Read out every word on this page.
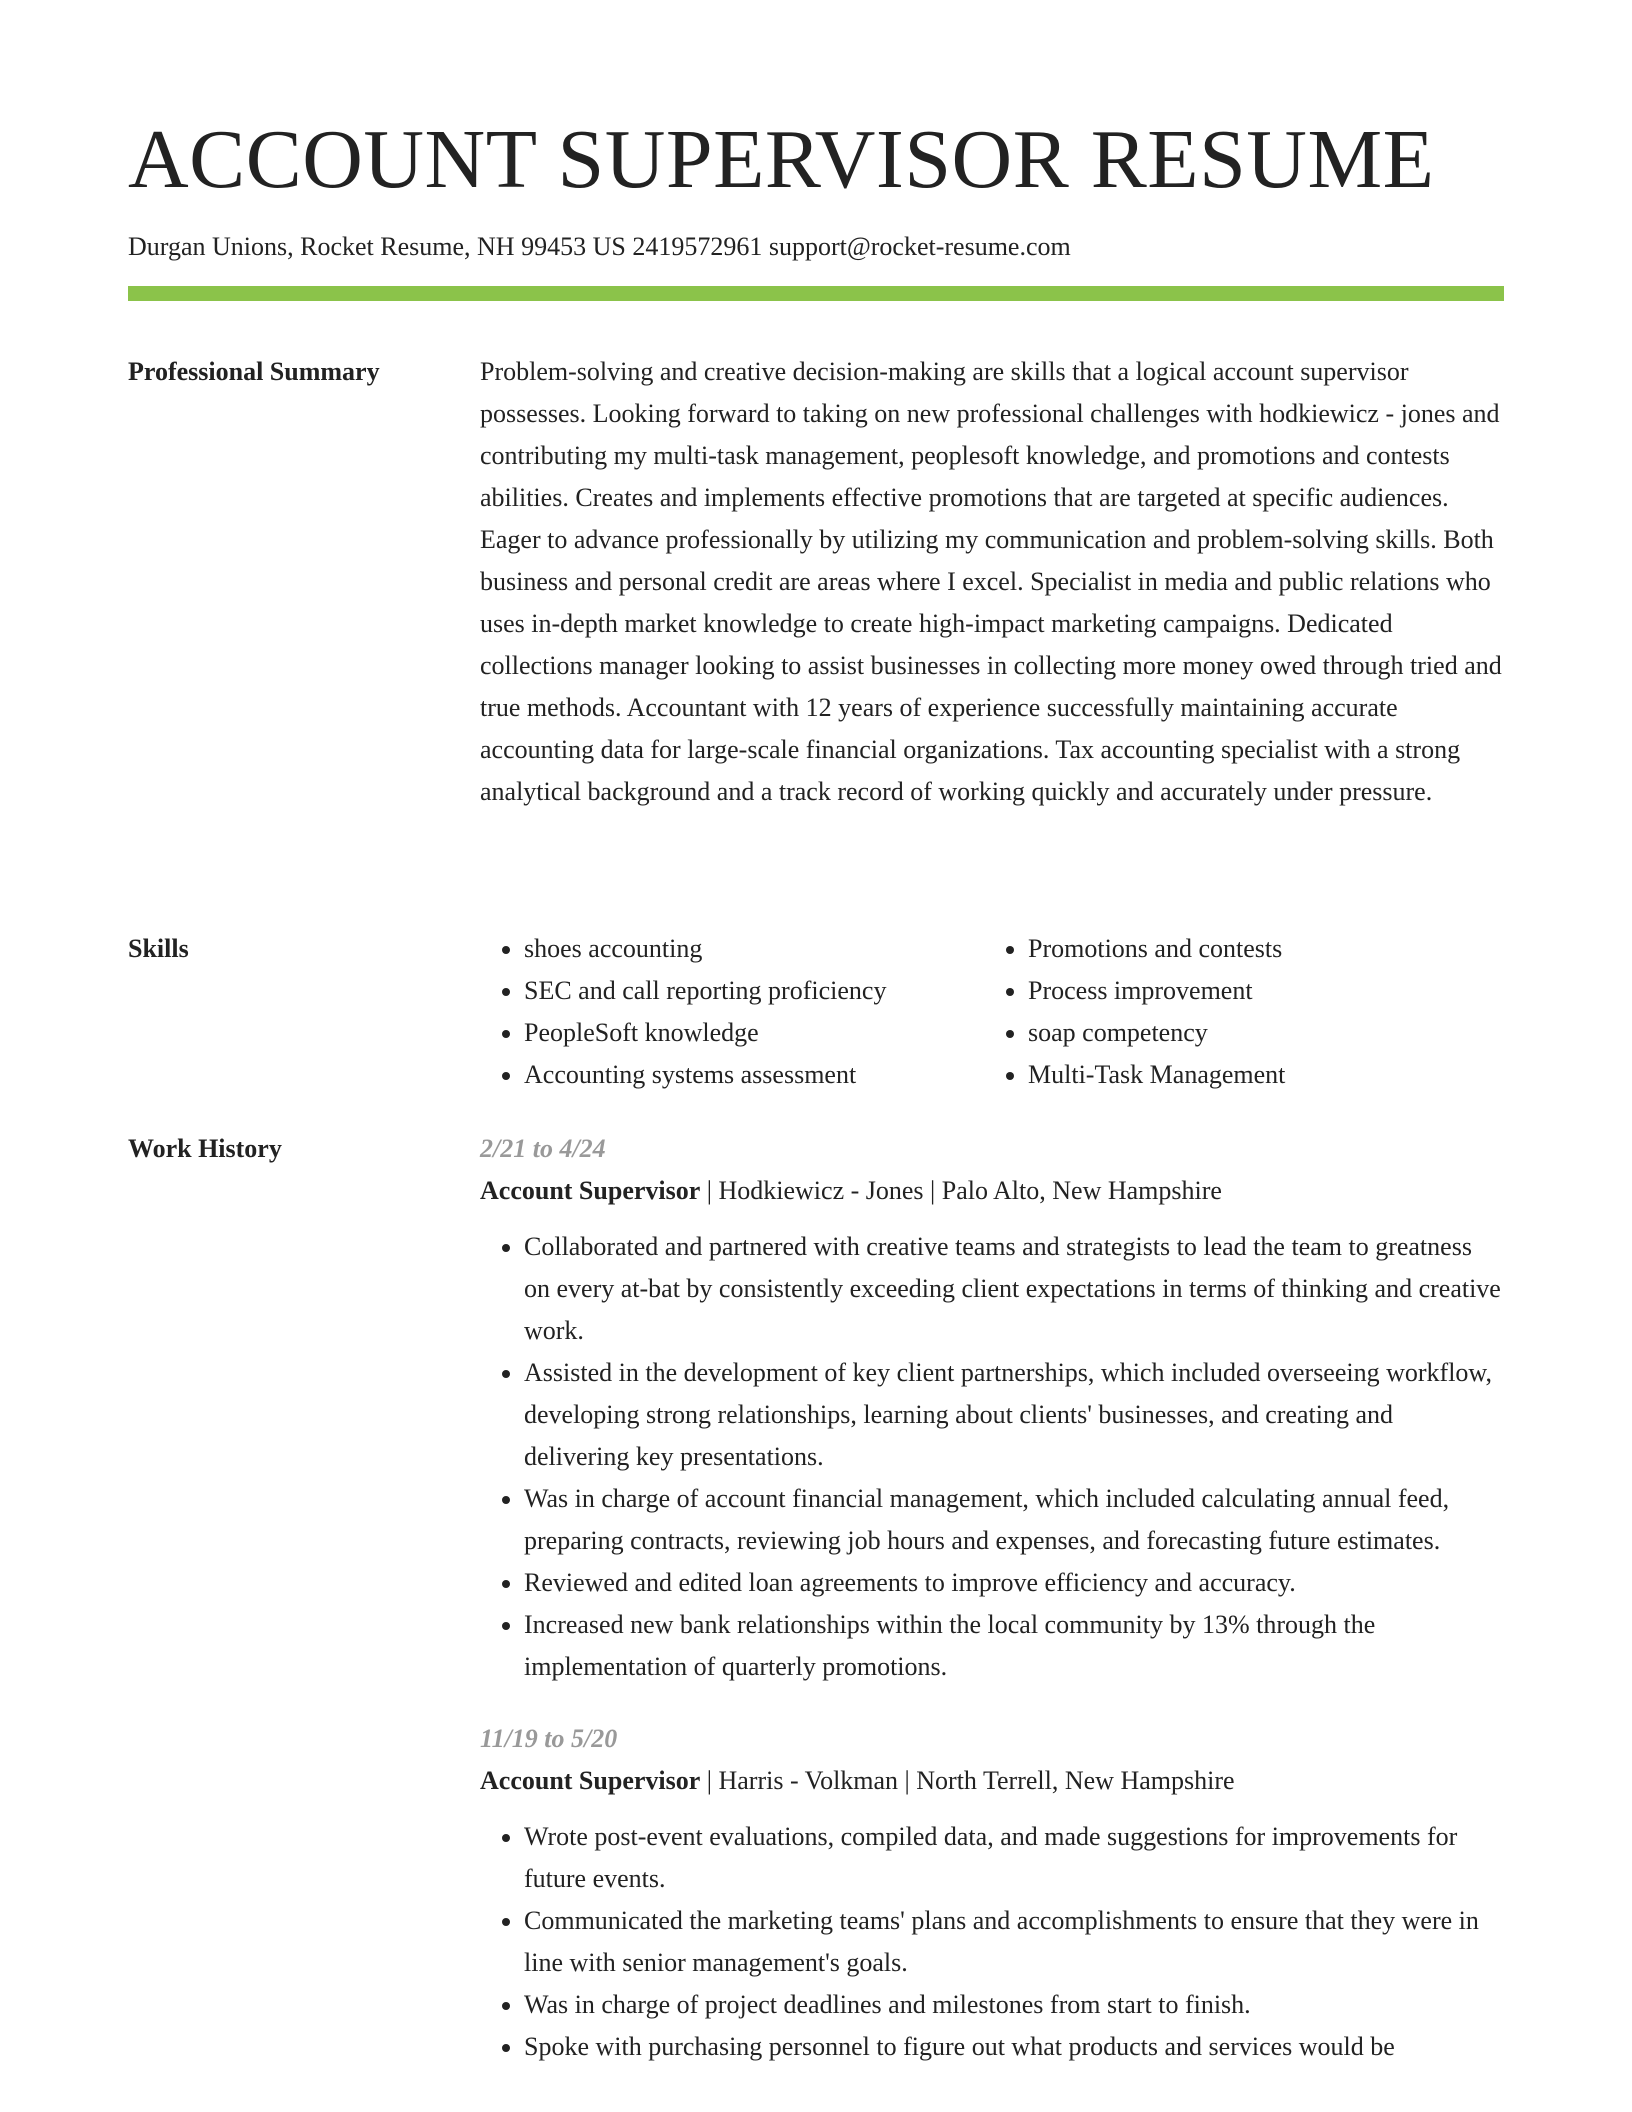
ACCOUNT SUPERVISOR RESUME
Durgan Unions, Rocket Resume, NH 99453 US 2419572961 support@rocket-resume.com
Professional Summary	Problem-solving and creative decision-making are skills that a logical account supervisor possesses. Looking forward to taking on new professional challenges with hodkiewicz - jones and contributing my multi-task management, peoplesoft knowledge, and promotions and contests abilities. Creates and implements effective promotions that are targeted at specific audiences. Eager to advance professionally by utilizing my communication and problem-solving skills. Both business and personal credit are areas where I excel. Specialist in media and public relations who uses in-depth market knowledge to create high-impact marketing campaigns. Dedicated collections manager looking to assist businesses in collecting more money owed through tried and true methods. Accountant with 12 years of experience successfully maintaining accurate accounting data for large-scale financial organizations. Tax accounting specialist with a strong analytical background and a track record of working quickly and accurately under pressure.

Skills
•	shoes accounting
• SEC and call reporting proficiency
• PeopleSoft knowledge
• Accounting systems assessment
• Promotions and contests
• Process improvement
• soap competency
• Multi-Task Management
Work History	2/21 to 4/24
Account Supervisor | Hodkiewicz - Jones | Palo Alto, New Hampshire
• Collaborated and partnered with creative teams and strategists to lead the team to greatness on every at-bat by consistently exceeding client expectations in terms of thinking and creative work.
• Assisted in the development of key client partnerships, which included overseeing workflow, developing strong relationships, learning about clients' businesses, and creating and delivering key presentations.
• Was in charge of account financial management, which included calculating annual feed, preparing contracts, reviewing job hours and expenses, and forecasting future estimates.
• Reviewed and edited loan agreements to improve efficiency and accuracy.
• Increased new bank relationships within the local community by 13% through the implementation of quarterly promotions.
11/19 to 5/20
Account Supervisor | Harris - Volkman | North Terrell, New Hampshire
• Wrote post-event evaluations, compiled data, and made suggestions for improvements for future events.
• Communicated the marketing teams' plans and accomplishments to ensure that they were in line with senior management's goals.
• Was in charge of project deadlines and milestones from start to finish.
• Spoke with purchasing personnel to figure out what products and services would be
